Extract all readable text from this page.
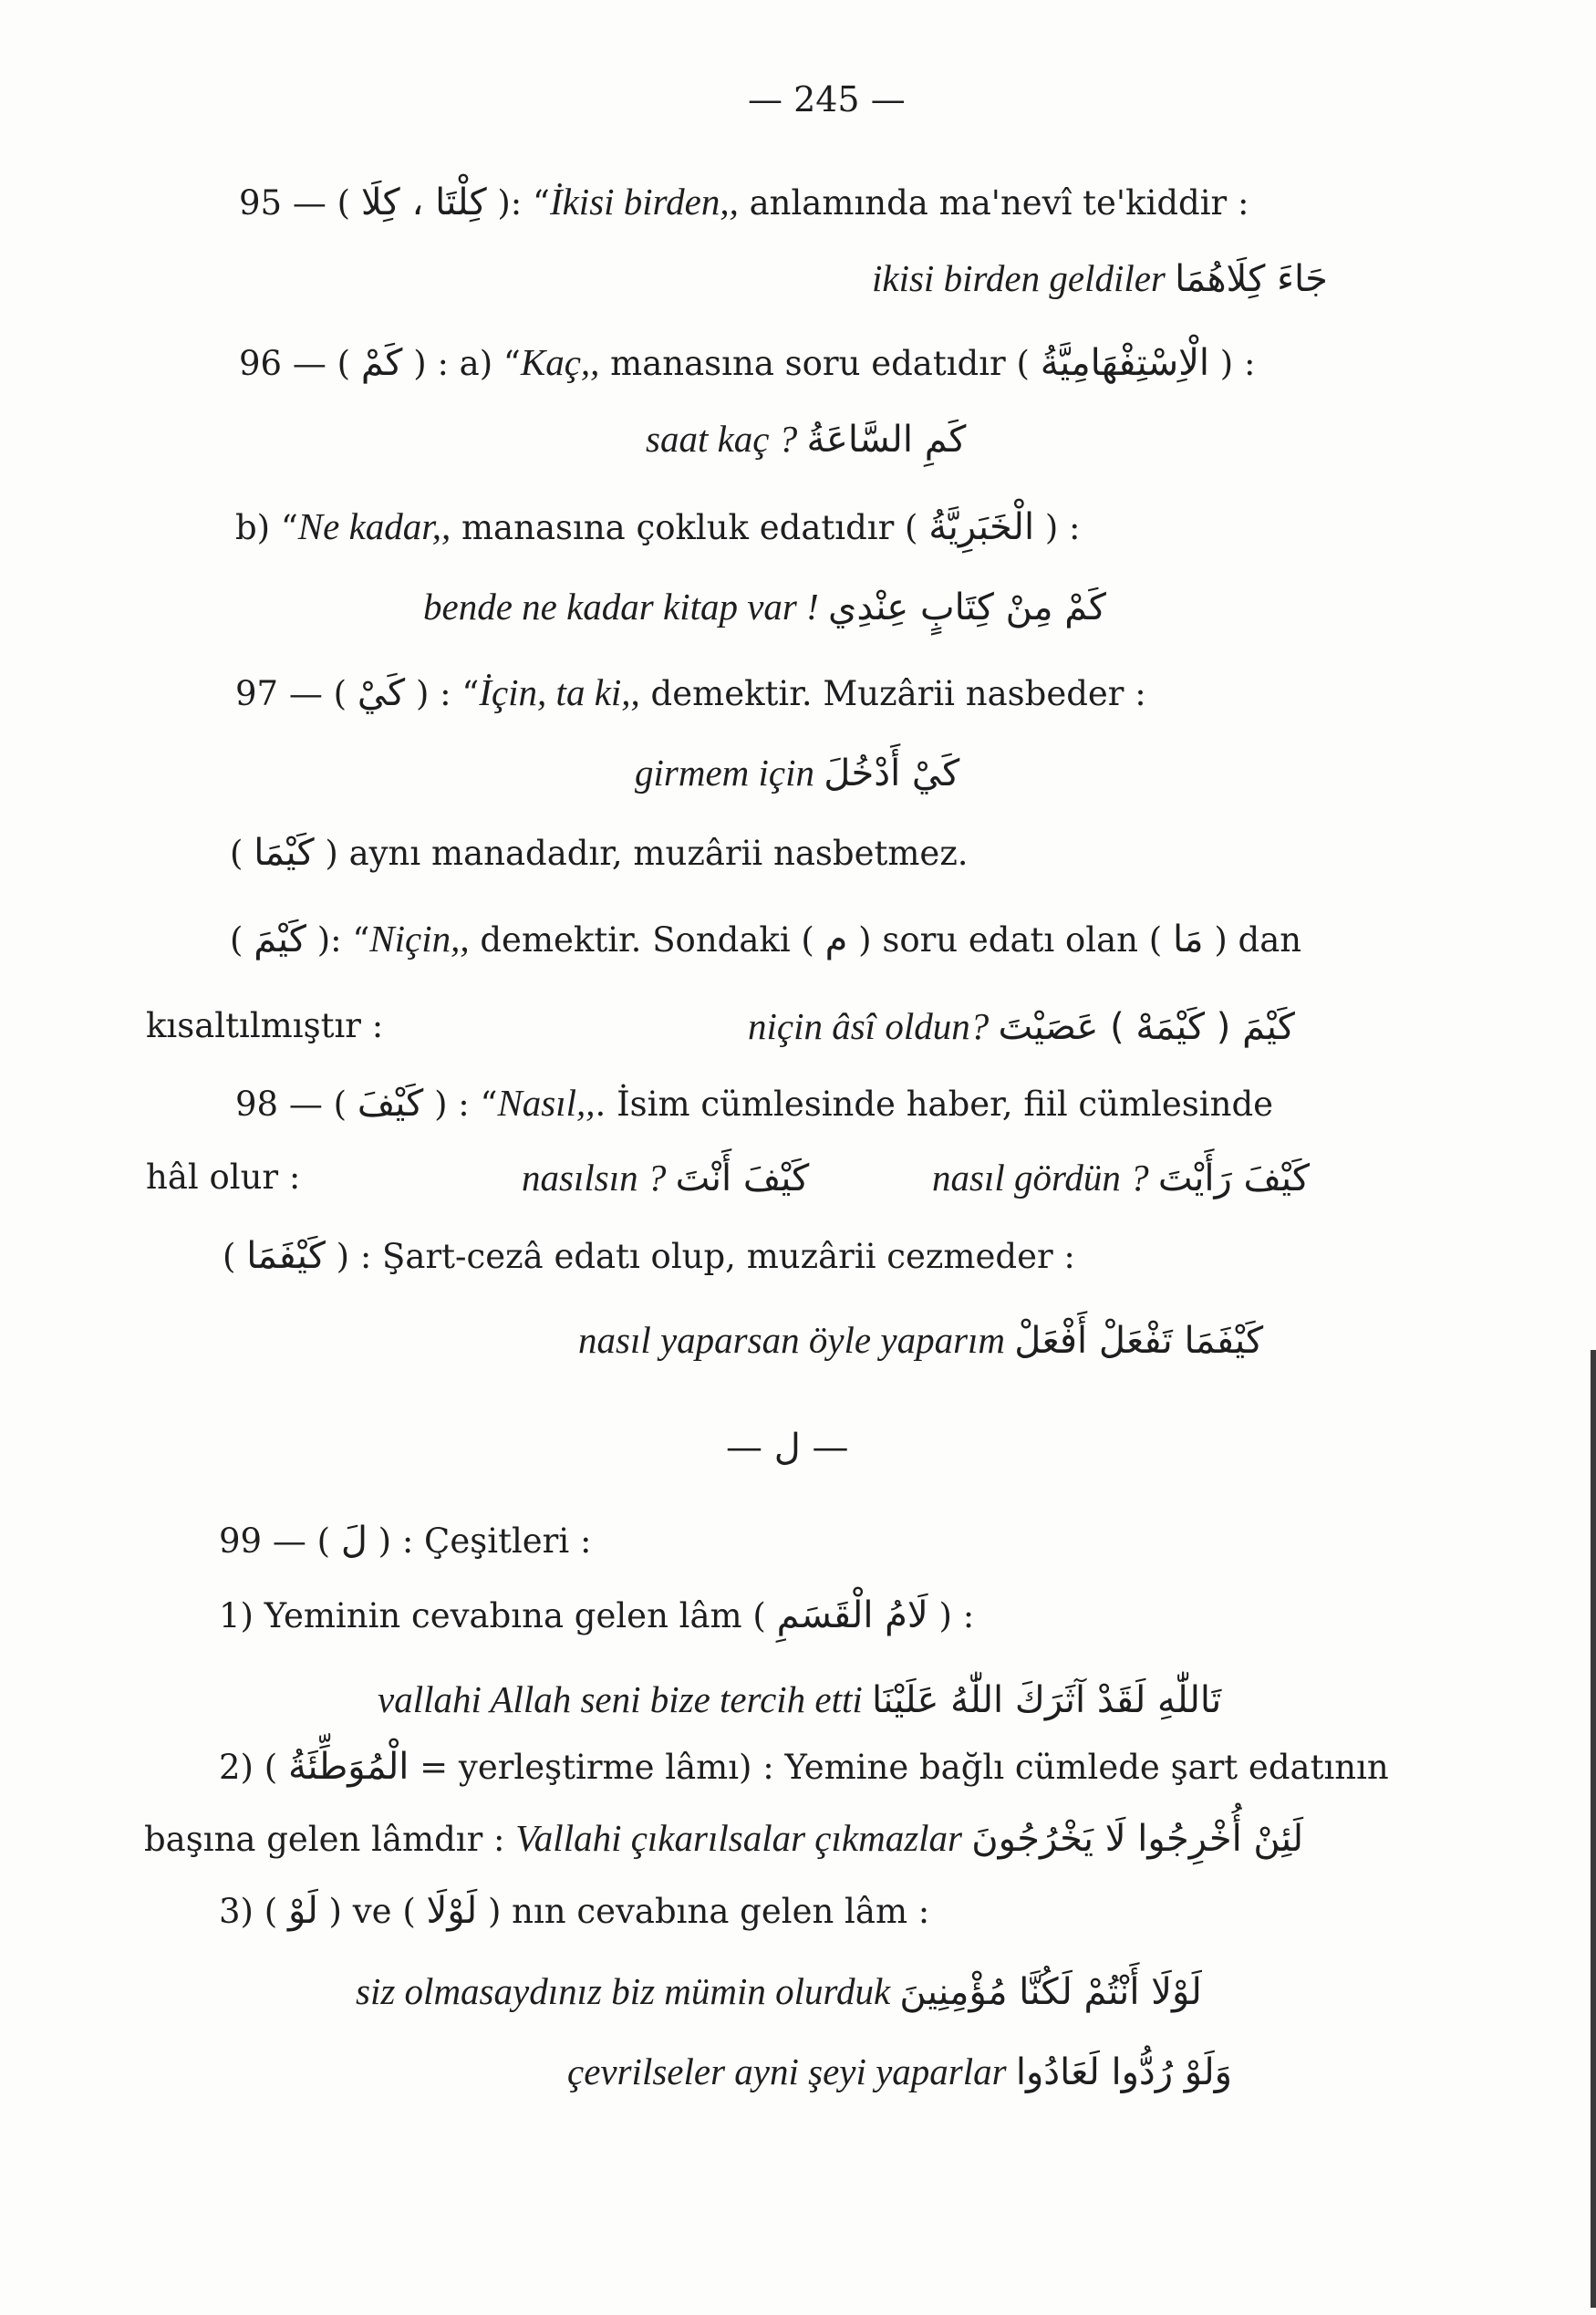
— 245 —
95 — ( كِلْتَا ، كِلَا ): “İkisi birden,, anlamında ma'nevî te'kiddir :
ikisi birden geldiler جَاءَ كِلَاهُمَا
96 — ( كَمْ ) : a) “Kaç,, manasına soru edatıdır ( الْاِسْتِفْهَامِيَّةُ ) :
saat kaç ? كَمِ السَّاعَةُ
b) “Ne kadar,, manasına çokluk edatıdır ( الْخَبَرِيَّةُ ) :
bende ne kadar kitap var ! كَمْ مِنْ كِتَابٍ عِنْدِي
97 — ( كَيْ ) : “İçin, ta ki,, demektir. Muzârii nasbeder :
girmem için كَيْ أَدْخُلَ
( كَيْمَا ) aynı manadadır, muzârii nasbetmez.
( كَيْمَ ): “Niçin,, demektir. Sondaki ( م ) soru edatı olan ( مَا ) dan
kısaltılmıştır :	niçin âsî oldun? كَيْمَ ( كَيْمَهْ ) عَصَيْتَ
98 — ( كَيْفَ ) : “Nasıl,,. İsim cümlesinde haber, fiil cümlesinde
hâl olur :	nasılsın ? كَيْفَ أَنْتَ	nasıl gördün ? كَيْفَ رَأَيْتَ
( كَيْفَمَا ) : Şart-cezâ edatı olup, muzârii cezmeder :
nasıl yaparsan öyle yaparım كَيْفَمَا تَفْعَلْ أَفْعَلْ
— ل —
99 — ( لَ ) : Çeşitleri :
1) Yeminin cevabına gelen lâm ( لَامُ الْقَسَمِ ) :
vallahi Allah seni bize tercih etti تَاللّٰهِ لَقَدْ آثَرَكَ اللّٰهُ عَلَيْنَا
2) ( الْمُوَطِّئَةُ = yerleştirme lâmı) : Yemine bağlı cümlede şart edatının
başına gelen lâmdır : Vallahi çıkarılsalar çıkmazlar لَئِنْ أُخْرِجُوا لَا يَخْرُجُونَ
3) ( لَوْ ) ve ( لَوْلَا ) nın cevabına gelen lâm :
siz olmasaydınız biz mümin olurduk لَوْلَا أَنْتُمْ لَكُنَّا مُؤْمِنِينَ
çevrilseler ayni şeyi yaparlar وَلَوْ رُدُّوا لَعَادُوا
